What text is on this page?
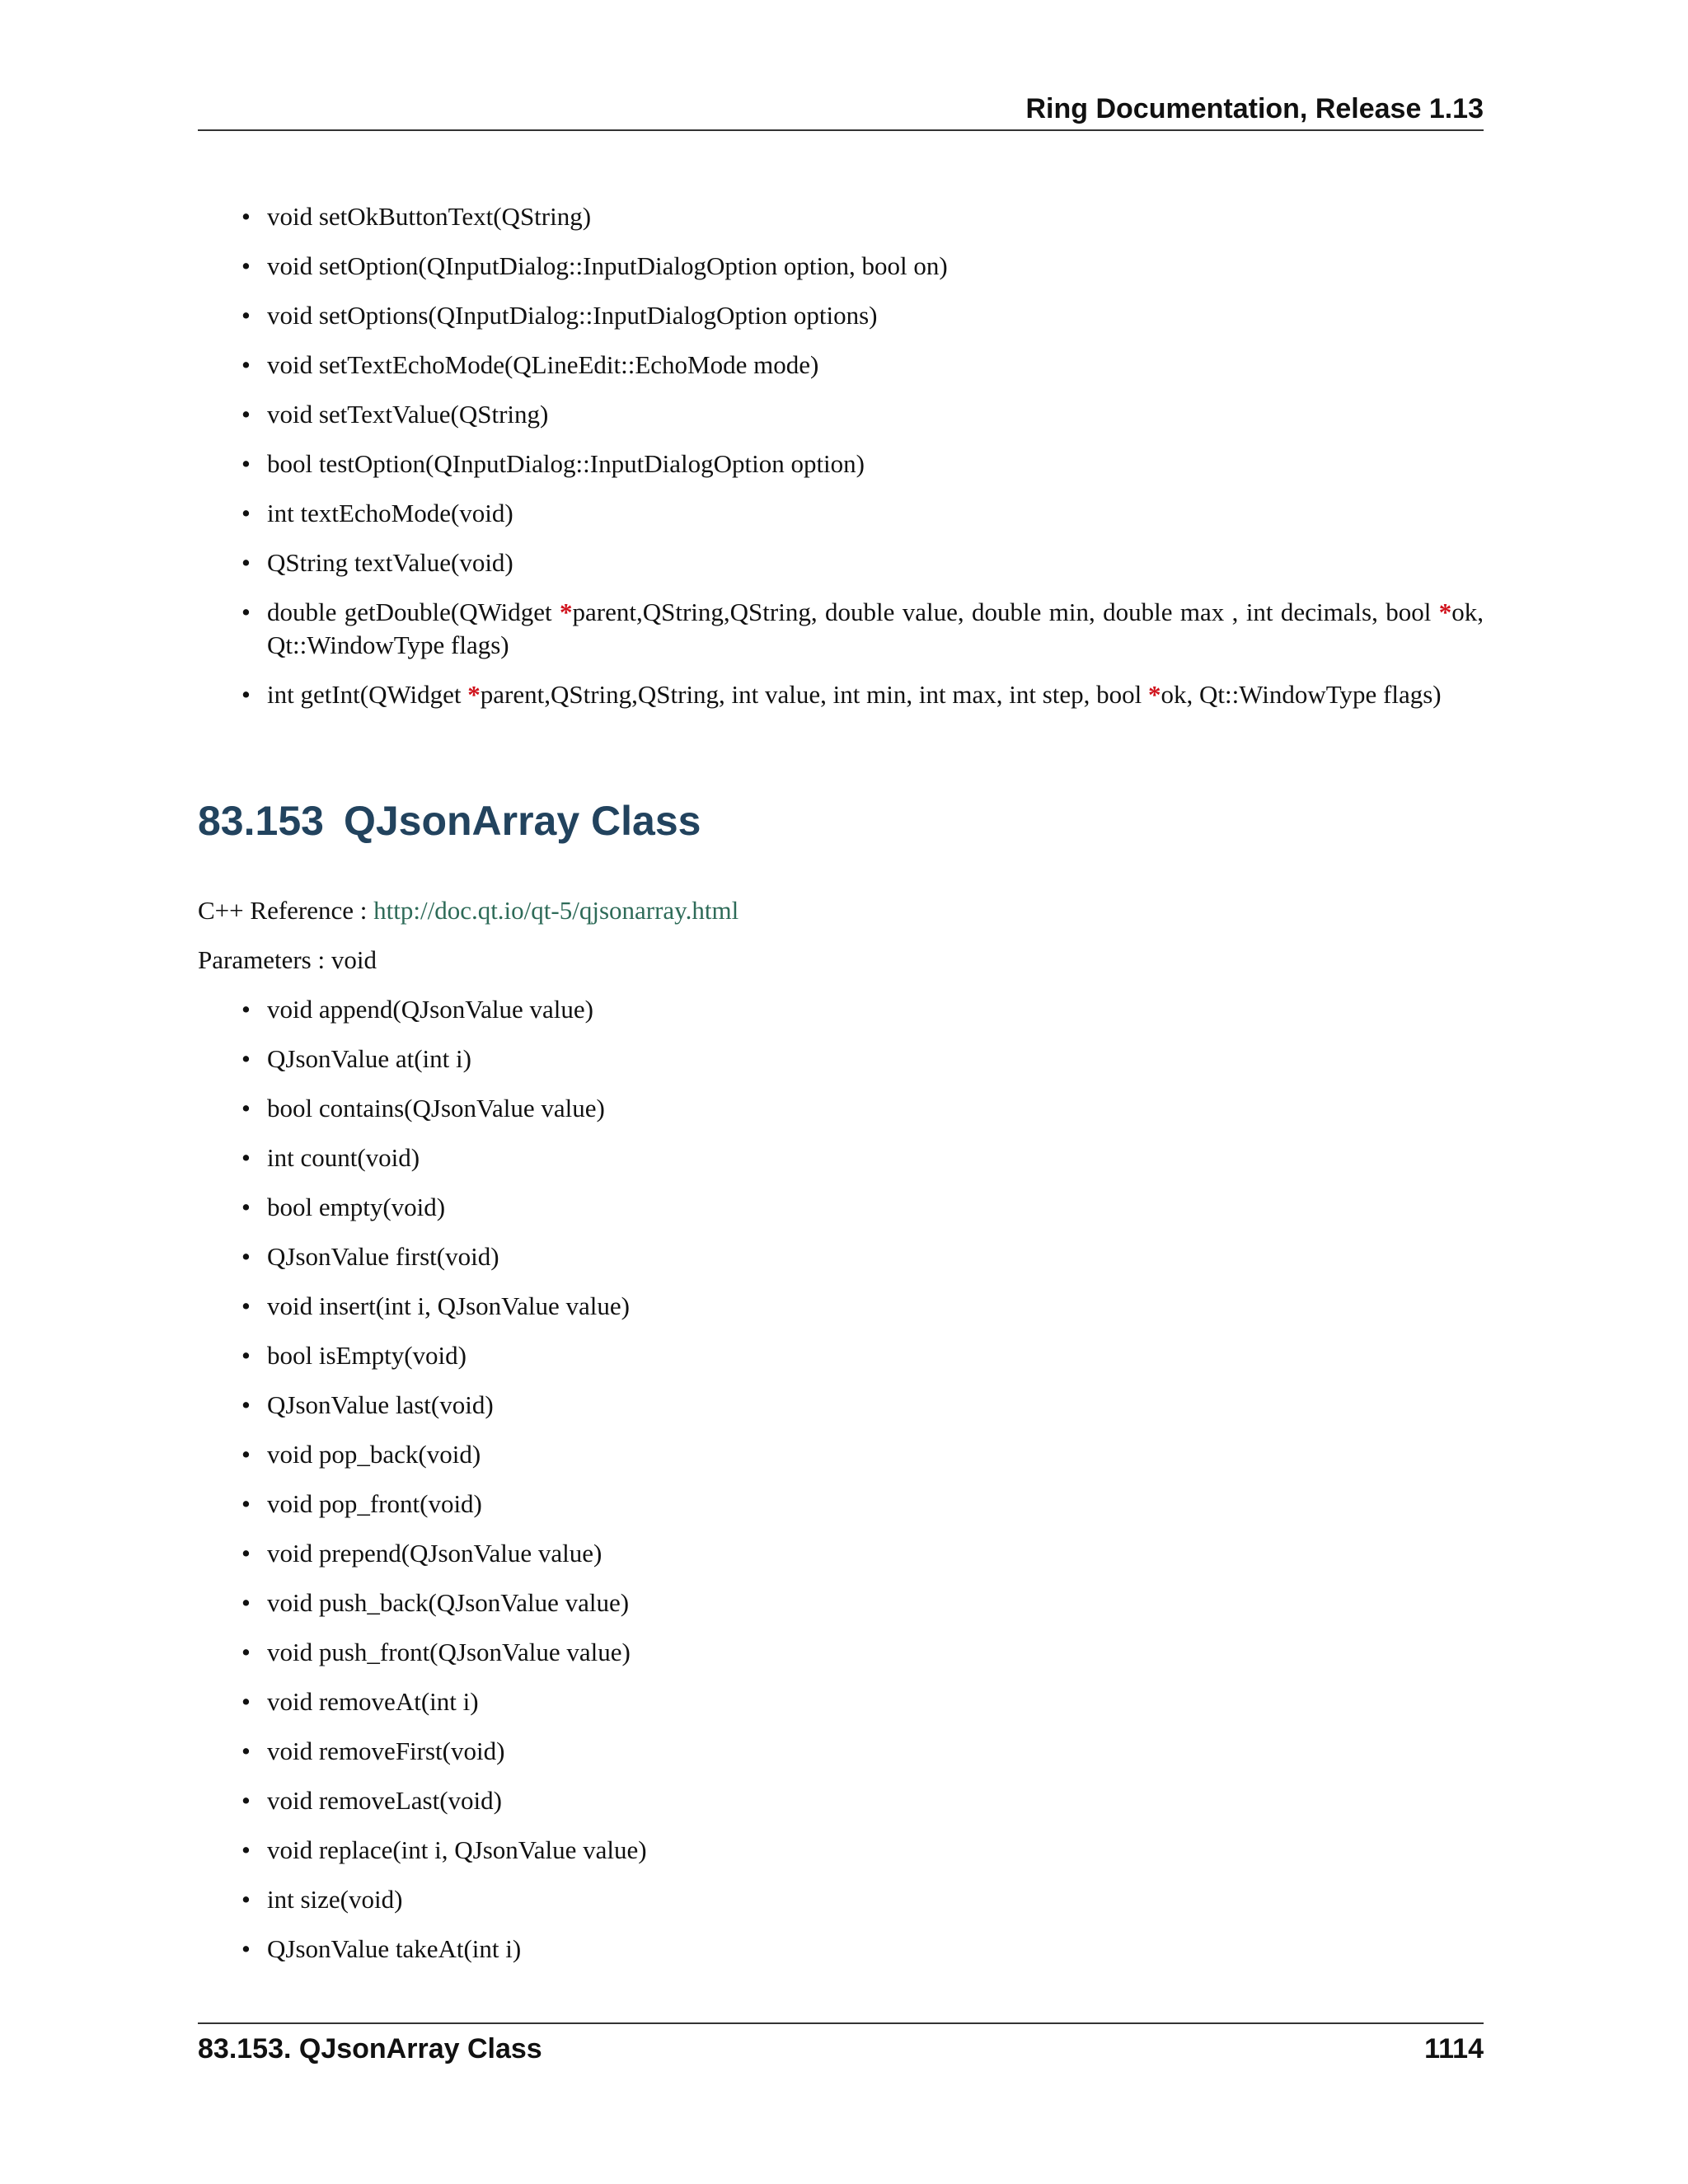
Ring Documentation, Release 1.13
• void setOkButtonText(QString)
• void setOption(QInputDialog::InputDialogOption option, bool on)
• void setOptions(QInputDialog::InputDialogOption options)
• void setTextEchoMode(QLineEdit::EchoMode mode)
• void setTextValue(QString)
• bool testOption(QInputDialog::InputDialogOption option)
• int textEchoMode(void)
• QString textValue(void)
• double getDouble(QWidget *parent,QString,QString, double value, double min, double max , int decimals, bool *ok, Qt::WindowType flags)
• int getInt(QWidget *parent,QString,QString, int value, int min, int max, int step, bool *ok, Qt::WindowType flags)
83.153 QJsonArray Class

C++ Reference : http://doc.qt.io/qt-5/qjsonarray.html

Parameters : void

• void append(QJsonValue value)
• QJsonValue at(int i)
• bool contains(QJsonValue value)
• int count(void)
• bool empty(void)
• QJsonValue first(void)
• void insert(int i, QJsonValue value)
• bool isEmpty(void)
• QJsonValue last(void)
• void pop_back(void)
• void pop_front(void)
• void prepend(QJsonValue value)
• void push_back(QJsonValue value)
• void push_front(QJsonValue value)
• void removeAt(int i)
• void removeFirst(void)
• void removeLast(void)
• void replace(int i, QJsonValue value)
• int size(void)
• QJsonValue takeAt(int i)
83.153. QJsonArray Class	1114
